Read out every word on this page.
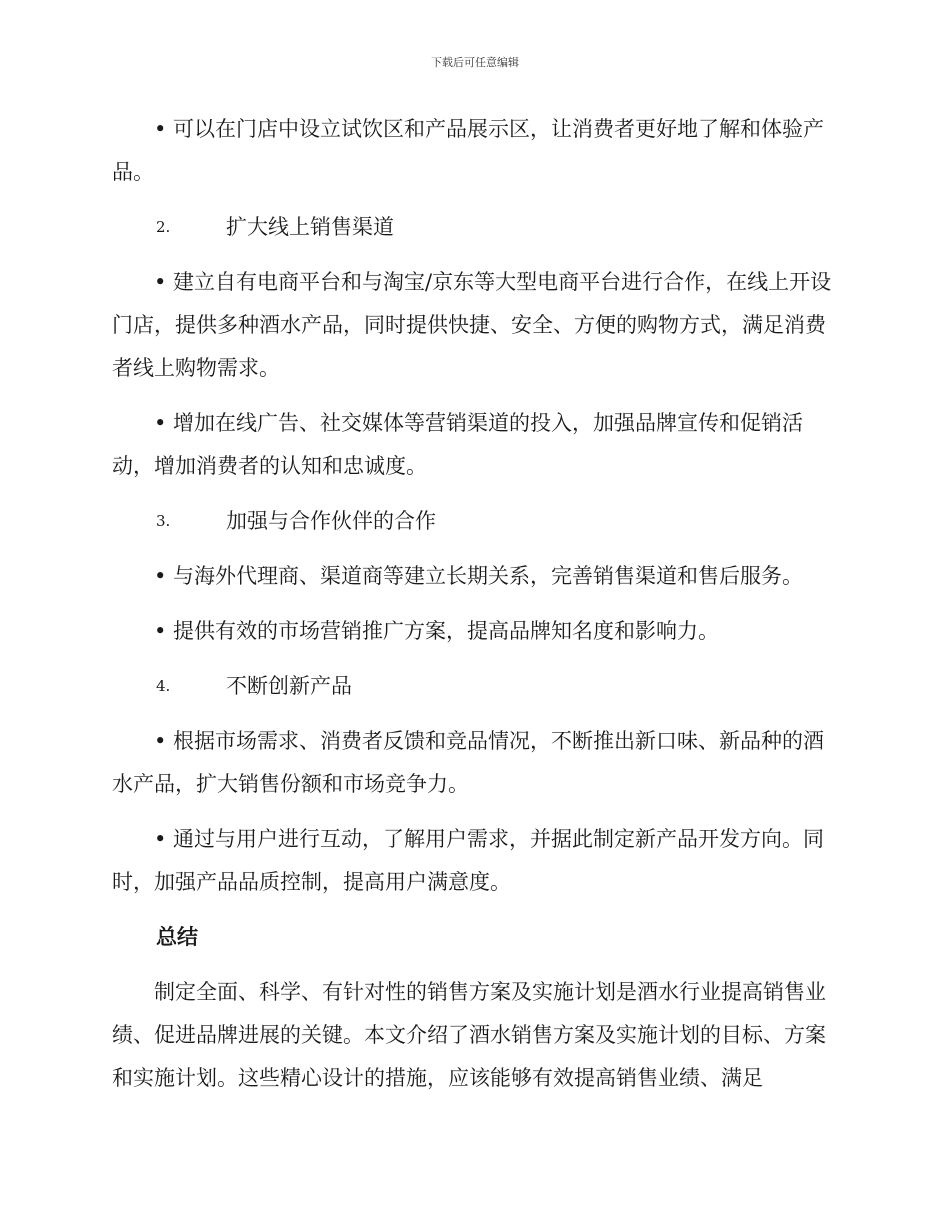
下载后可任意编辑

• 可以在门店中设立试饮区和产品展示区，让消费者更好地了解和体验产品。

2.	扩大线上销售渠道

• 建立自有电商平台和与淘宝/京东等大型电商平台进行合作，在线上开设门店，提供多种酒水产品，同时提供快捷、安全、方便的购物方式，满足消费者线上购物需求。

• 增加在线广告、社交媒体等营销渠道的投入，加强品牌宣传和促销活动，增加消费者的认知和忠诚度。

3.	加强与合作伙伴的合作

• 与海外代理商、渠道商等建立长期关系，完善销售渠道和售后服务。

• 提供有效的市场营销推广方案，提高品牌知名度和影响力。

4.	不断创新产品

• 根据市场需求、消费者反馈和竞品情况，不断推出新口味、新品种的酒水产品，扩大销售份额和市场竞争力。

• 通过与用户进行互动，了解用户需求，并据此制定新产品开发方向。同时，加强产品品质控制，提高用户满意度。

总结

制定全面、科学、有针对性的销售方案及实施计划是酒水行业提高销售业绩、促进品牌进展的关键。本文介绍了酒水销售方案及实施计划的目标、方案和实施计划。这些精心设计的措施，应该能够有效提高销售业绩、满足
